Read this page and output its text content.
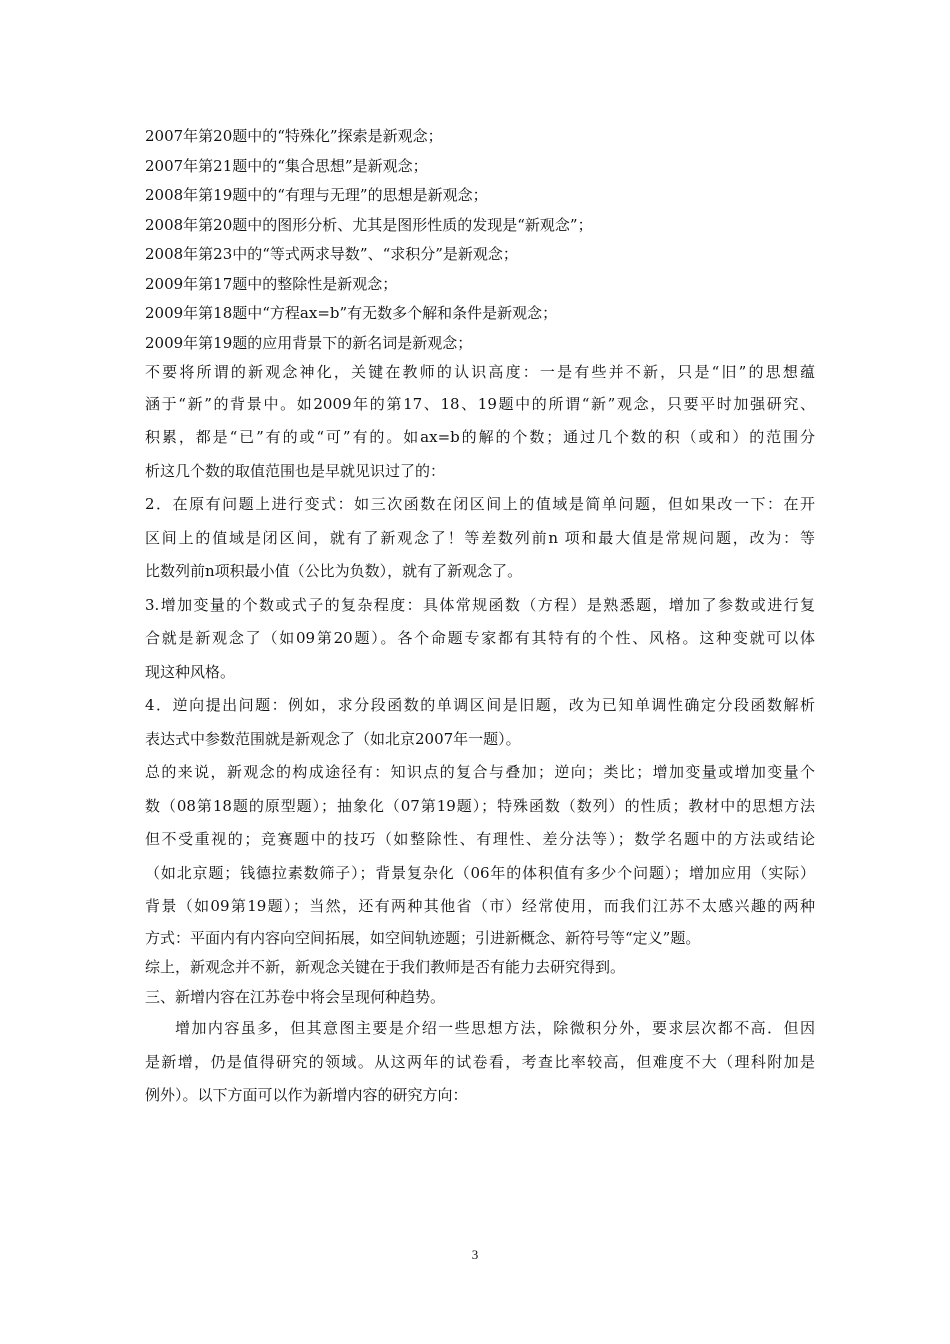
2007年第20题中的“特殊化”探索是新观念；
2007年第21题中的“集合思想”是新观念；
2008年第19题中的“有理与无理”的思想是新观念；
2008年第20题中的图形分析、尤其是图形性质的发现是“新观念”；
2008年第23中的“等式两求导数”、“求积分”是新观念；
2009年第17题中的整除性是新观念；
2009年第18题中“方程ax=b”有无数多个解和条件是新观念；
2009年第19题的应用背景下的新名词是新观念；
不要将所谓的新观念神化，关键在教师的认识高度：一是有些并不新，只是“旧”的思想蕴
涵于“新”的背景中。如2009年的第17、18、19题中的所谓“新”观念，只要平时加强研究、
积累，都是“已”有的或“可”有的。如ax=b的解的个数；通过几个数的积（或和）的范围分
析这几个数的取值范围也是早就见识过了的：
2．在原有问题上进行变式：如三次函数在闭区间上的值域是简单问题，但如果改一下：在开
区间上的值域是闭区间，就有了新观念了！等差数列前n 项和最大值是常规问题，改为：等
比数列前n项积最小值（公比为负数），就有了新观念了。
3.增加变量的个数或式子的复杂程度：具体常规函数（方程）是熟悉题，增加了参数或进行复
合就是新观念了（如09第20题）。各个命题专家都有其特有的个性、风格。这种变就可以体
现这种风格。
4．逆向提出问题：例如，求分段函数的单调区间是旧题，改为已知单调性确定分段函数解析
表达式中参数范围就是新观念了（如北京2007年一题）。
总的来说，新观念的构成途径有：知识点的复合与叠加；逆向；类比；增加变量或增加变量个
数（08第18题的原型题）；抽象化（07第19题）；特殊函数（数列）的性质；教材中的思想方法
但不受重视的；竞赛题中的技巧（如整除性、有理性、差分法等）；数学名题中的方法或结论
（如北京题；钱德拉素数筛子）；背景复杂化（06年的体积值有多少个问题）；增加应用（实际）
背景（如09第19题）；当然，还有两种其他省（市）经常使用，而我们江苏不太感兴趣的两种
方式：平面内有内容向空间拓展，如空间轨迹题；引进新概念、新符号等“定义”题。
综上，新观念并不新，新观念关键在于我们教师是否有能力去研究得到。
三、新增内容在江苏卷中将会呈现何种趋势。
增加内容虽多，但其意图主要是介绍一些思想方法，除微积分外，要求层次都不高．但因
是新增，仍是值得研究的领域。从这两年的试卷看，考查比率较高，但难度不大（理科附加是
例外）。以下方面可以作为新增内容的研究方向：
3
